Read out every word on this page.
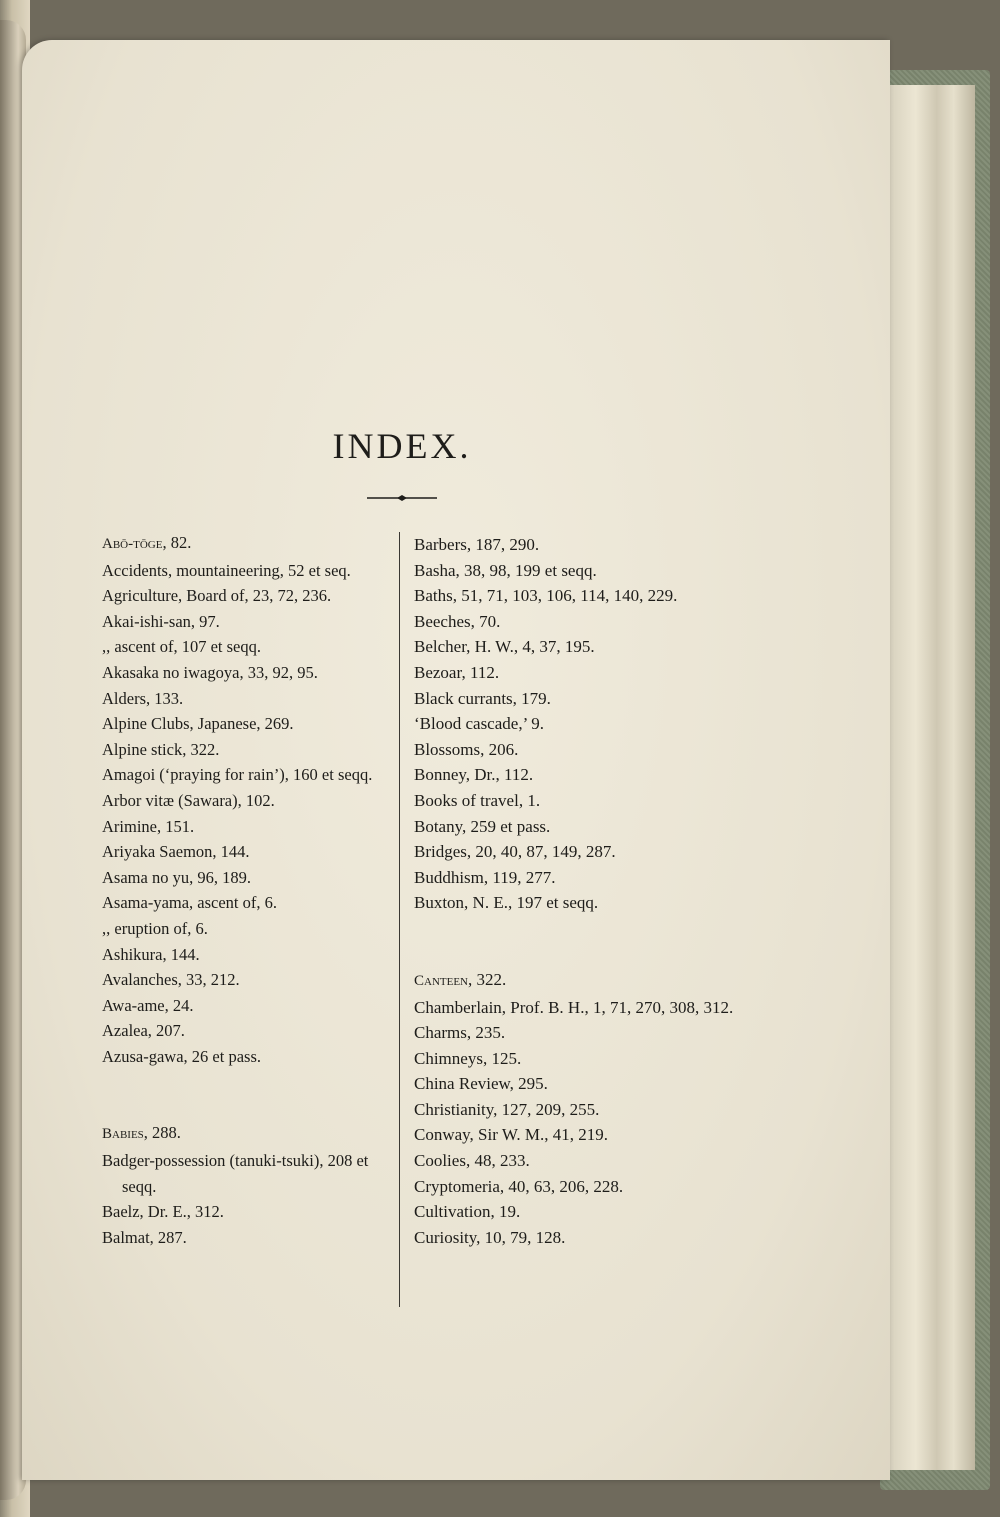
INDEX.
Abō-tōge, 82.
Accidents, mountaineering, 52 et seq.
Agriculture, Board of, 23, 72, 236.
Akai-ishi-san, 97.
,, ascent of, 107 et seqq.
Akasaka no iwagoya, 33, 92, 95.
Alders, 133.
Alpine Clubs, Japanese, 269.
Alpine stick, 322.
Amagoi (‘praying for rain’), 160 et seqq.
Arbor vitæ (Sawara), 102.
Arimine, 151.
Ariyaka Saemon, 144.
Asama no yu, 96, 189.
Asama-yama, ascent of, 6.
,, eruption of, 6.
Ashikura, 144.
Avalanches, 33, 212.
Awa-ame, 24.
Azalea, 207.
Azusa-gawa, 26 et pass.
Babies, 288.
Badger-possession (tanuki-tsuki), 208 et seqq.
Baelz, Dr. E., 312.
Balmat, 287.
Barbers, 187, 290.
Basha, 38, 98, 199 et seqq.
Baths, 51, 71, 103, 106, 114, 140, 229.
Beeches, 70.
Belcher, H. W., 4, 37, 195.
Bezoar, 112.
Black currants, 179.
‘Blood cascade,’ 9.
Blossoms, 206.
Bonney, Dr., 112.
Books of travel, 1.
Botany, 259 et pass.
Bridges, 20, 40, 87, 149, 287.
Buddhism, 119, 277.
Buxton, N. E., 197 et seqq.
Canteen, 322.
Chamberlain, Prof. B. H., 1, 71, 270, 308, 312.
Charms, 235.
Chimneys, 125.
China Review, 295.
Christianity, 127, 209, 255.
Conway, Sir W. M., 41, 219.
Coolies, 48, 233.
Cryptomeria, 40, 63, 206, 228.
Cultivation, 19.
Curiosity, 10, 79, 128.
